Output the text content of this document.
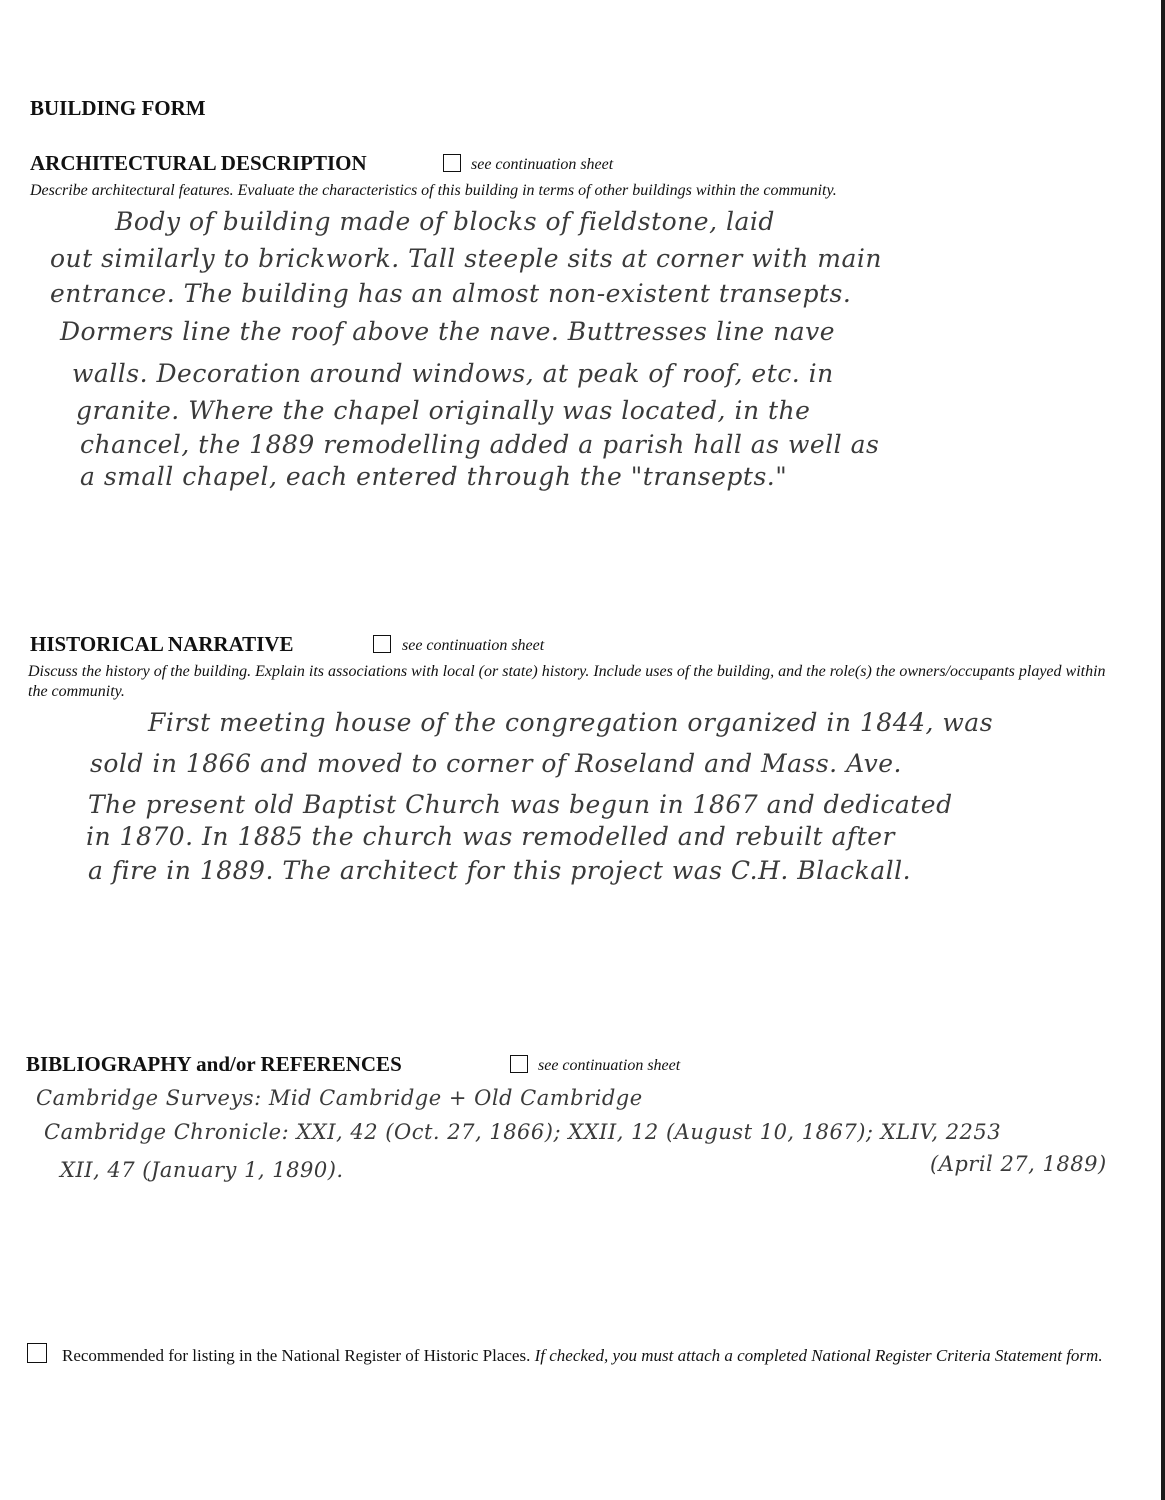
BUILDING FORM
ARCHITECTURAL DESCRIPTION	see continuation sheet
Describe architectural features. Evaluate the characteristics of this building in terms of other buildings within the community.
Body of building made of blocks of fieldstone, laid
out similarly to brickwork. Tall steeple sits at corner with main
entrance. The building has an almost non-existent transepts.
Dormers line the roof above the nave. Buttresses line nave
walls. Decoration around windows, at peak of roof, etc. in
granite. Where the chapel originally was located, in the
chancel, the 1889 remodelling added a parish hall as well as
a small chapel, each entered through the "transepts."
HISTORICAL NARRATIVE	see continuation sheet
Discuss the history of the building. Explain its associations with local (or state) history. Include uses of the building, and the role(s) the owners/occupants played within the community.
First meeting house of the congregation organized in 1844, was
sold in 1866 and moved to corner of Roseland and Mass. Ave.
The present old Baptist Church was begun in 1867 and dedicated
in 1870. In 1885 the church was remodelled and rebuilt after
a fire in 1889. The architect for this project was C.H. Blackall.
BIBLIOGRAPHY and/or REFERENCES	see continuation sheet
Cambridge Surveys: Mid Cambridge + Old Cambridge
Cambridge Chronicle: XXI, 42 (Oct. 27, 1866); XXII, 12 (August 10, 1867); XLIV, 2253
XII, 47 (January 1, 1890).	(April 27, 1889)
Recommended for listing in the National Register of Historic Places. If checked, you must attach a completed National Register Criteria Statement form.
